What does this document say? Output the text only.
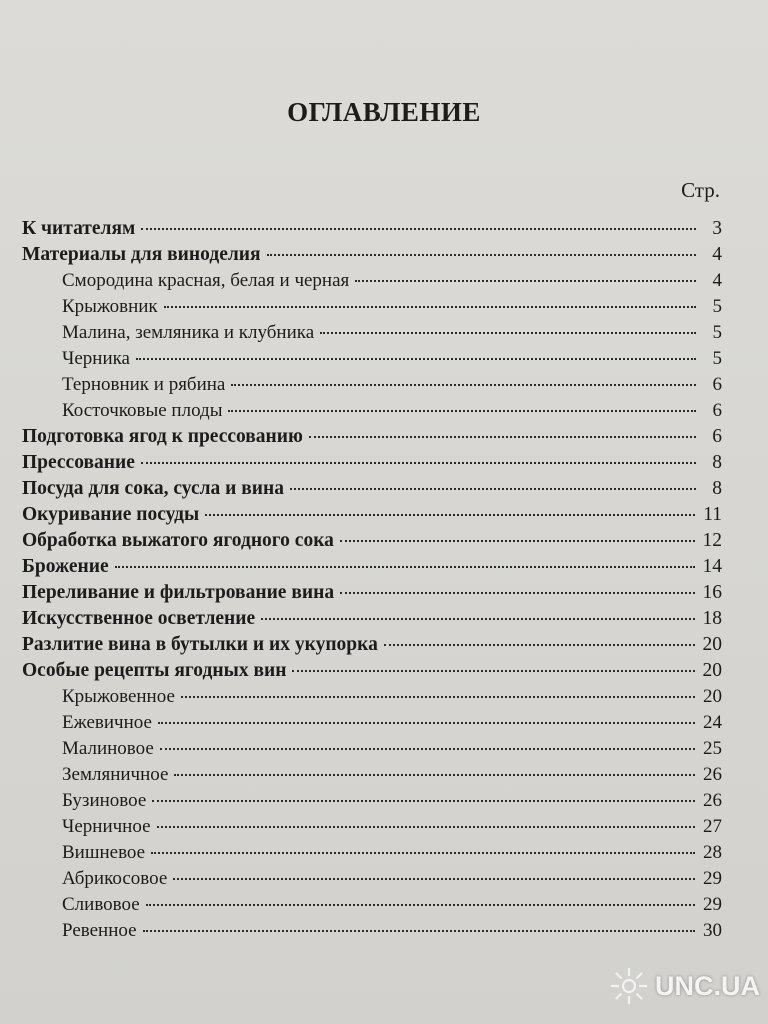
ОГЛАВЛЕНИЕ
Стр.
К читателям	3
Материалы для виноделия	4
Смородина красная, белая и черная	4
Крыжовник	5
Малина, земляника и клубника	5
Черника	5
Терновник и рябина	6
Косточковые плоды	6
Подготовка ягод к прессованию	6
Прессование	8
Посуда для сока, сусла и вина	8
Окуривание посуды	11
Обработка выжатого ягодного сока	12
Брожение	14
Переливание и фильтрование вина	16
Искусственное осветление	18
Разлитие вина в бутылки и их укупорка	20
Особые рецепты ягодных вин	20
Крыжовенное	20
Ежевичное	24
Малиновое	25
Земляничное	26
Бузиновое	26
Черничное	27
Вишневое	28
Абрикосовое	29
Сливовое	29
Ревенное	30
UNC.UA
